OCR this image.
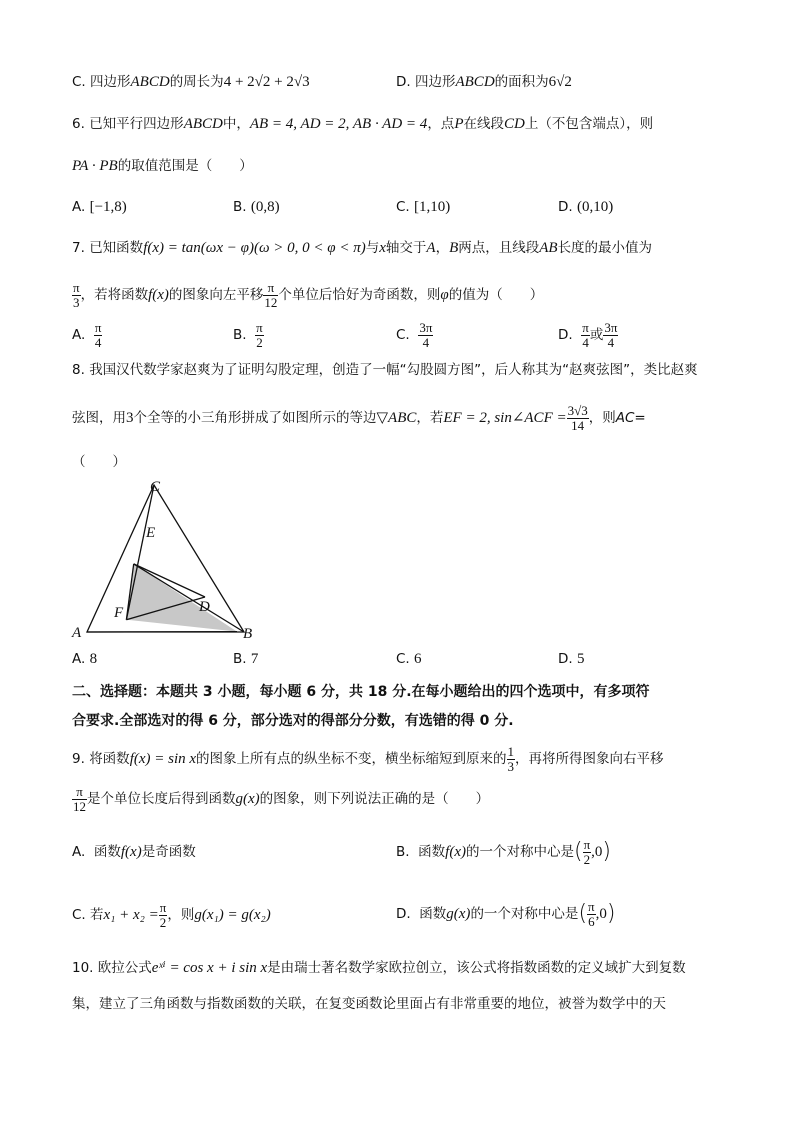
C. 四边形ABCD的周长为4 + 2√2 + 2√3	D. 四边形ABCD的面积为6√2
6. 已知平行四边形ABCD中，AB = 4, AD = 2, AB · AD = 4，点P在线段CD上（不包含端点），则
PA · PB的取值范围是（　　）
A. [−1,8)	B. (0,8)	C. [1,10)	D. (0,10)
7. 已知函数f(x) = tan(ωx − φ)(ω > 0, 0 < φ < π)与x轴交于A，B两点，且线段AB长度的最小值为
$\frac{\pi}{3}$ ，若将函数f(x)的图象向左平移 $\frac{\pi}{12}$ 个单位后恰好为奇函数，则φ的值为（　　）
A. $\frac{\pi}{4}$	B. $\frac{\pi}{2}$	C. $\frac{3\pi}{4}$	D. $\frac{\pi}{4}$ 或 $\frac{3\pi}{4}$
8. 我国汉代数学家赵爽为了证明勾股定理，创造了一幅“勾股圆方图”，后人称其为“赵爽弦图”，类比赵爽
弦图，用3个全等的小三角形拼成了如图所示的等边▽ABC，若EF = 2, sin∠ACF = $\frac{3√3}{14}$ ，则AC=
（　　）
C
E
F	D
A	B
A. 8	B. 7	C. 6	D. 5
二、选择题：本题共 3 小题，每小题 6 分，共 18 分.在每小题给出的四个选项中，有多项符
合要求.全部选对的得 6 分，部分选对的得部分分数，有选错的得 0 分.
9. 将函数f(x) = sin x的图象上所有点的纵坐标不变，横坐标缩短到原来的 $\frac{1}{3}$ ，再将所得图象向右平移
$\frac{\pi}{12}$ 是个单位长度后得到函数g(x)的图象，则下列说法正确的是（　　）
A. 函数f(x)是奇函数	B. 函数f(x)的一个对称中心是( $\frac{\pi}{2} ,0$)
C. 若$x_1 + x_2 = \frac{\pi}{2}$ ，则g(x₁) = g(x₂)	D. 函数g(x)的一个对称中心是( $\frac{\pi}{6} ,0$)
10. 欧拉公式eˣⁱ = cos x + i sin x是由瑞士著名数学家欧拉创立，该公式将指数函数的定义域扩大到复数
集，建立了三角函数与指数函数的关联，在复变函数论里面占有非常重要的地位，被誉为数学中的天
